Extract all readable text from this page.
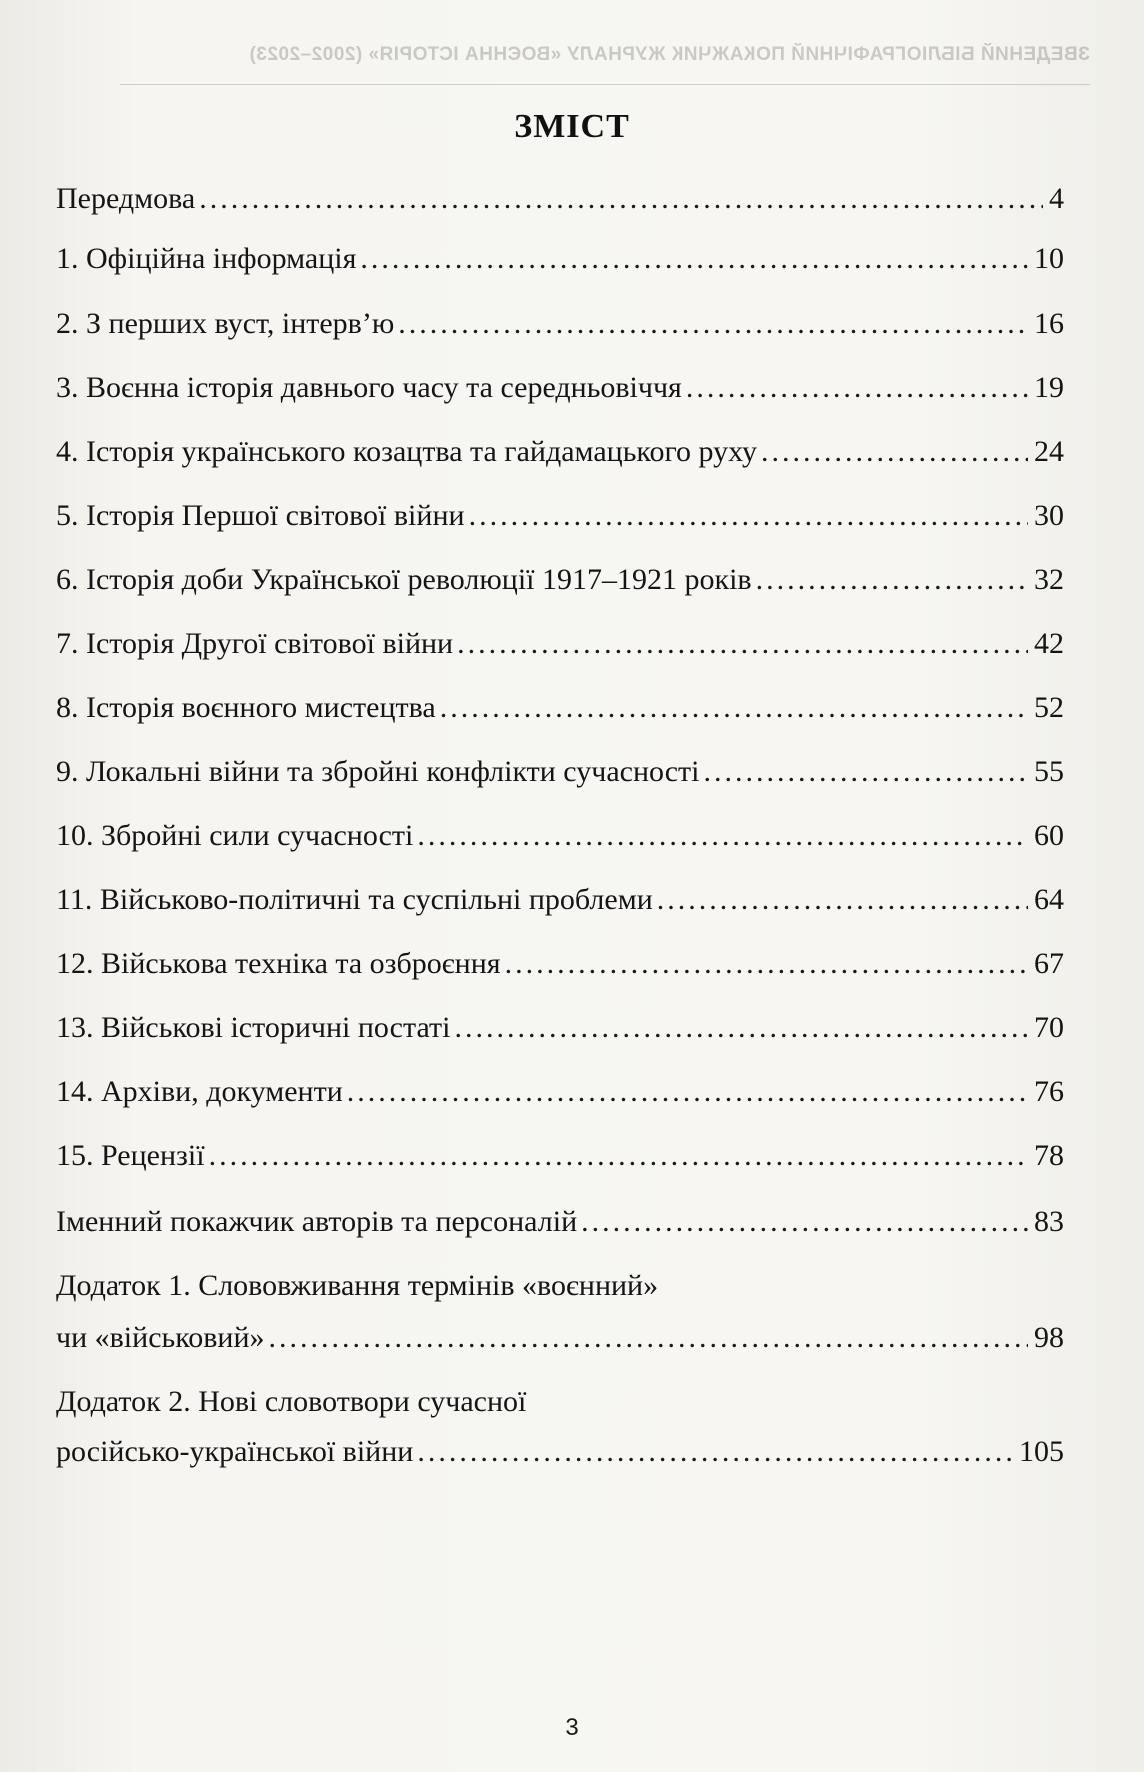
ЗВЕДЕНИЙ БІБЛІОГРАФІЧНИЙ ПОКАЖЧИК ЖУРНАЛУ «ВОЄННА ІСТОРІЯ» (2002–2023)
ЗМІСТ
Передмова .....	4
1. Офіційна інформація .....	10
2. З перших вуст, інтерв’ю .....	16
3. Воєнна історія давнього часу та середньовіччя .....	19
4. Історія українського козацтва та гайдамацького руху .....	24
5. Історія Першої світової війни .....	30
6. Історія доби Української революції 1917–1921 років .....	32
7. Історія Другої світової війни .....	42
8. Історія воєнного мистецтва .....	52
9. Локальні війни та збройні конфлікти сучасності .....	55
10. Збройні сили сучасності .....	60
11. Військово-політичні та суспільні проблеми .....	64
12. Військова техніка та озброєння .....	67
13. Військові історичні постаті .....	70
14. Архіви, документи .....	76
15. Рецензії .....	78
Іменний покажчик авторів та персоналій .....	83
Додаток 1. Слововживання термінів «воєнний»
чи «військовий» .....	98
Додаток 2. Нові словотвори сучасної
російсько-української війни .....	105
3
